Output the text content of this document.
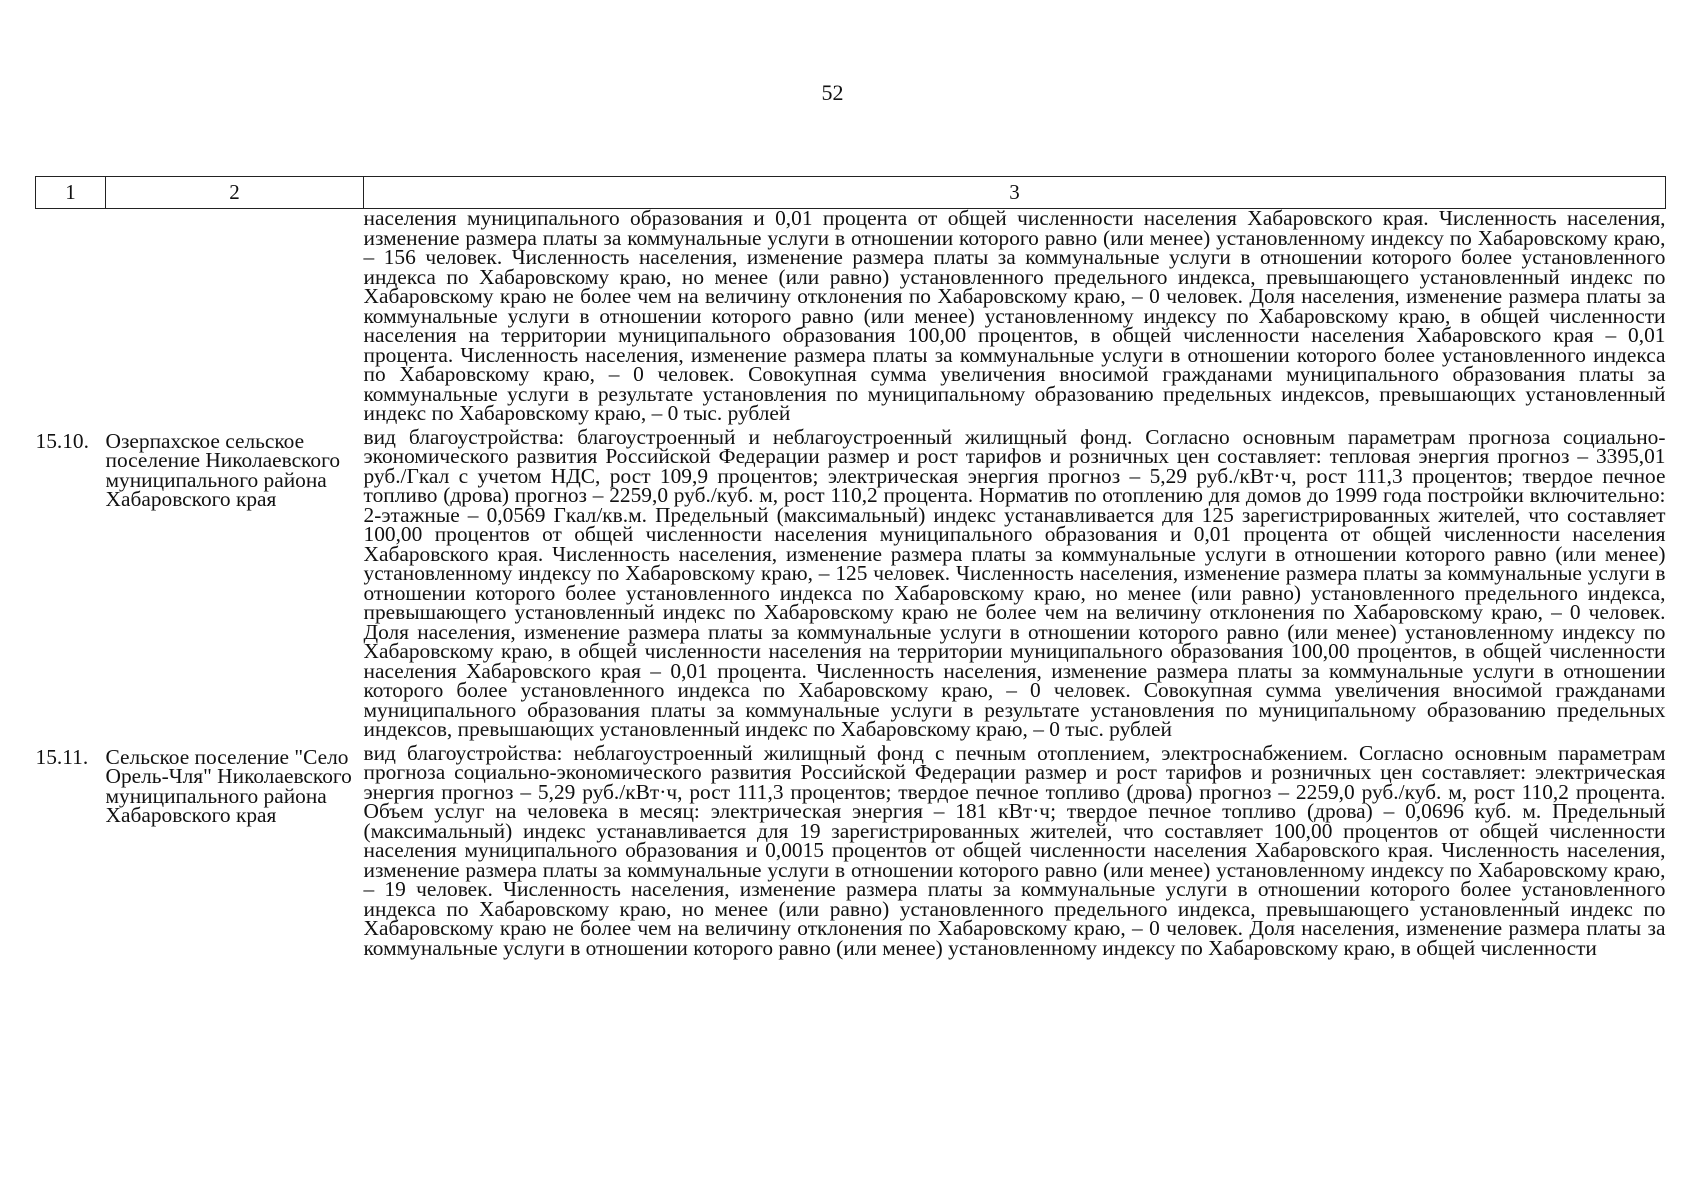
52
1	2	3
		населения муниципального образования и 0,01 процента от общей численности населения Хабаровского края. Численность населения, изменение размера платы за коммунальные услуги в отношении которого равно (или менее) установленному индексу по Хабаровскому краю, – 156 человек. Численность населения, изменение размера платы за коммунальные услуги в отношении которого более установленного индекса по Хабаровскому краю, но менее (или равно) установленного предельного индекса, превышающего установленный индекс по Хабаровскому краю не более чем на величину отклонения по Хабаровскому краю, – 0 человек. Доля населения, изменение размера платы за коммунальные услуги в отношении которого равно (или менее) установленному индексу по Хабаровскому краю, в общей численности населения на территории муниципального образования 100,00 процентов, в общей численности населения Хабаровского края – 0,01 процента. Численность населения, изменение размера платы за коммунальные услуги в отношении которого более установленного индекса по Хабаровскому краю, – 0 человек. Совокупная сумма увеличения вносимой гражданами муниципального образования платы за коммунальные услуги в результате установления по муниципальному образованию предельных индексов, превышающих установленный индекс по Хабаровскому краю, – 0 тыс. рублей
15.10.	Озерпахское сельское поселение Николаевского муниципального района Хабаровского края	вид благоустройства: благоустроенный и неблагоустроенный жилищный фонд. Согласно основным параметрам прогноза социально-экономического развития Российской Федерации размер и рост тарифов и розничных цен составляет: тепловая энергия прогноз – 3395,01 руб./Гкал с учетом НДС, рост 109,9 процентов; электрическая энергия прогноз – 5,29 руб./кВт·ч, рост 111,3 процентов; твердое печное топливо (дрова) прогноз – 2259,0 руб./куб. м, рост 110,2 процента. Норматив по отоплению для домов до 1999 года постройки включительно: 2-этажные – 0,0569 Гкал/кв.м. Предельный (максимальный) индекс устанавливается для 125 зарегистрированных жителей, что составляет 100,00 процентов от общей численности населения муниципального образования и 0,01 процента от общей численности населения Хабаровского края. Численность населения, изменение размера платы за коммунальные услуги в отношении которого равно (или менее) установленному индексу по Хабаровскому краю, – 125 человек. Численность населения, изменение размера платы за коммунальные услуги в отношении которого более установленного индекса по Хабаровскому краю, но менее (или равно) установленного предельного индекса, превышающего установленный индекс по Хабаровскому краю не более чем на величину отклонения по Хабаровскому краю, – 0 человек. Доля населения, изменение размера платы за коммунальные услуги в отношении которого равно (или менее) установленному индексу по Хабаровскому краю, в общей численности населения на территории муниципального образования 100,00 процентов, в общей численности населения Хабаровского края – 0,01 процента. Численность населения, изменение размера платы за коммунальные услуги в отношении которого более установленного индекса по Хабаровскому краю, – 0 человек. Совокупная сумма увеличения вносимой гражданами муниципального образования платы за коммунальные услуги в результате установления по муниципальному образованию предельных индексов, превышающих установленный индекс по Хабаровскому краю, – 0 тыс. рублей
15.11.	Сельское поселение "Село Орель-Чля" Николаевского муниципального района Хабаровского края	вид благоустройства: неблагоустроенный жилищный фонд с печным отоплением, электроснабжением. Согласно основным параметрам прогноза социально-экономического развития Российской Федерации размер и рост тарифов и розничных цен составляет: электрическая энергия прогноз – 5,29 руб./кВт·ч, рост 111,3 процентов; твердое печное топливо (дрова) прогноз – 2259,0 руб./куб. м, рост 110,2 процента. Объем услуг на человека в месяц: электрическая энергия – 181 кВт·ч; твердое печное топливо (дрова) – 0,0696 куб. м. Предельный (максимальный) индекс устанавливается для 19 зарегистрированных жителей, что составляет 100,00 процентов от общей численности населения муниципального образования и 0,0015 процентов от общей численности населения Хабаровского края. Численность населения, изменение размера платы за коммунальные услуги в отношении которого равно (или менее) установленному индексу по Хабаровскому краю, – 19 человек. Численность населения, изменение размера платы за коммунальные услуги в отношении которого более установленного индекса по Хабаровскому краю, но менее (или равно) установленного предельного индекса, превышающего установленный индекс по Хабаровскому краю не более чем на величину отклонения по Хабаровскому краю, – 0 человек. Доля населения, изменение размера платы за коммунальные услуги в отношении которого равно (или менее) установленному индексу по Хабаровскому краю, в общей численности
